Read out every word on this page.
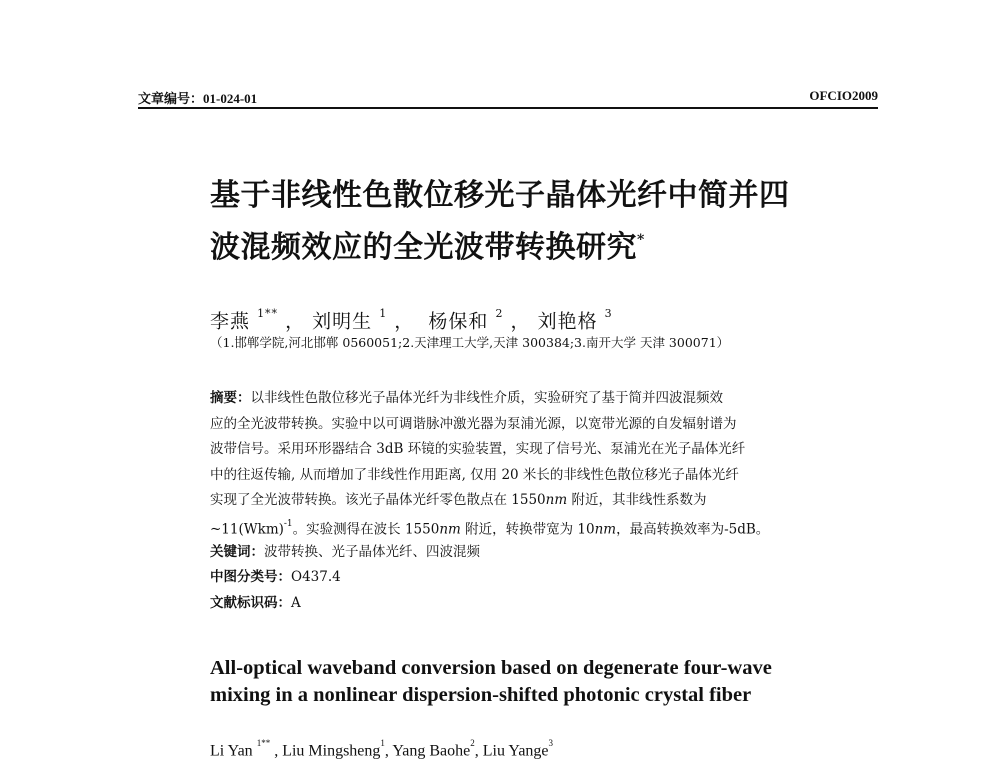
文章编号：01-024-01	OFCIO2009
基于非线性色散位移光子晶体光纤中简并四
波混频效应的全光波带转换研究*
李燕 $^{1**}$ ， 刘明生 $^1$ ， 杨保和 $^2$ ， 刘艳格 $^3$
（1.邯郸学院,河北邯郸 0560051;2.天津理工大学,天津 300384;3.南开大学 天津 300071）
摘要：以非线性色散位移光子晶体光纤为非线性介质，实验研究了基于简并四波混频效
应的全光波带转换。实验中以可调谐脉冲激光器为泵浦光源，以宽带光源的自发辐射谱为
波带信号。采用环形器结合 3dB 环镜的实验装置，实现了信号光、泵浦光在光子晶体光纤
中的往返传输, 从而增加了非线性作用距离, 仅用 20 米长的非线性色散位移光子晶体光纤
实现了全光波带转换。该光子晶体光纤零色散点在 1550nm 附近，其非线性系数为
~11(Wkm)$^{-1}$。实验测得在波长 1550nm 附近，转换带宽为 10nm，最高转换效率为-5dB。
关键词：波带转换、光子晶体光纤、四波混频
中图分类号：O437.4
文献标识码：A
All-optical waveband conversion based on degenerate four-wave
mixing in a nonlinear dispersion-shifted photonic crystal fiber
Li Yan $^{1**}$ , Liu Mingsheng$^1$, Yang Baohe$^2$, Liu Yange$^3$
